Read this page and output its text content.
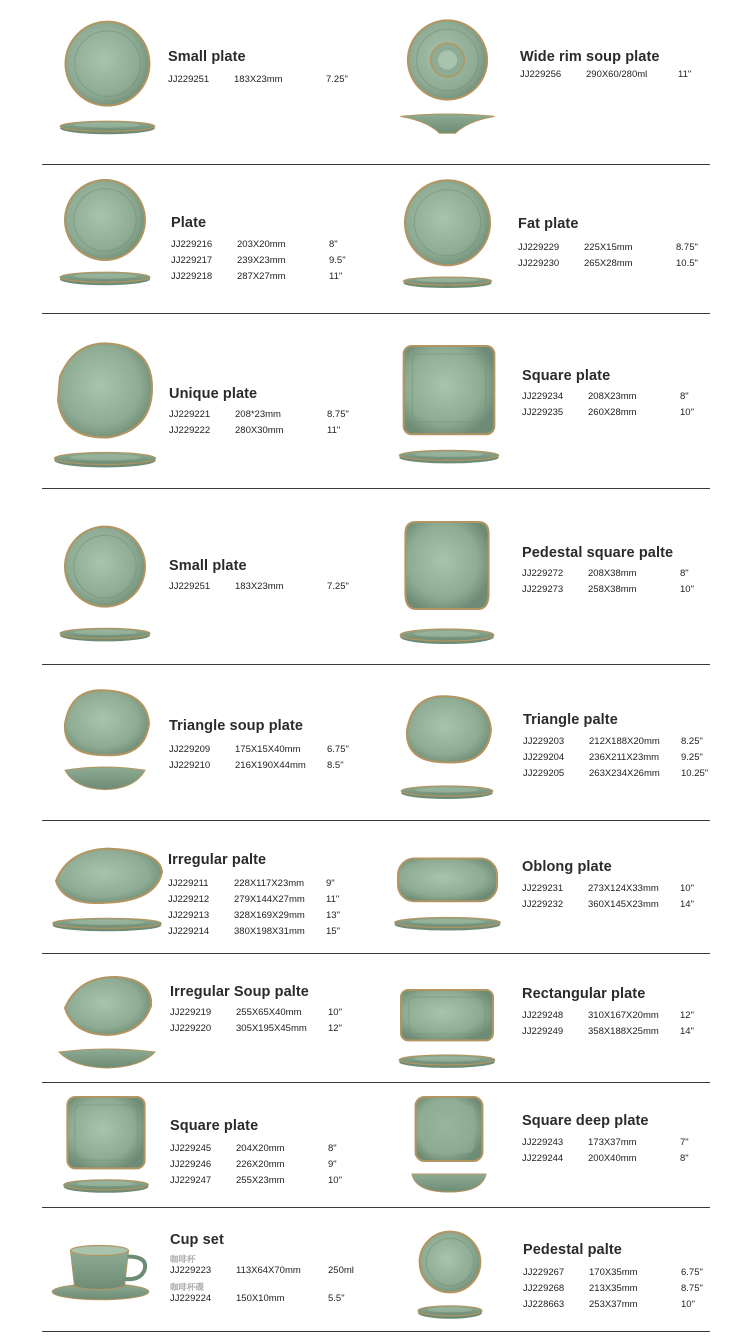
Small plate
JJ229251	183X23mm	7.25"
Wide rim soup plate
JJ229256	290X60/280ml	11"
Plate
JJ229216	203X20mm	8"
JJ229217	239X23mm	9.5"
JJ229218	287X27mm	11"
Fat plate
JJ229229	225X15mm	8.75"
JJ229230	265X28mm	10.5"
Unique plate
JJ229221	208*23mm	8.75"
JJ229222	280X30mm	11"
Square plate
JJ229234	208X23mm	8"
JJ229235	260X28mm	10"
Small plate
JJ229251	183X23mm	7.25"
Pedestal square palte
JJ229272	208X38mm	8"
JJ229273	258X38mm	10"
Triangle soup plate
JJ229209	175X15X40mm	6.75"
JJ229210	216X190X44mm 8.5"
Triangle palte
JJ229203	212X188X20mm 8.25"
JJ229204	236X211X23mm 9.25"
JJ229205	263X234X26mm 10.25"
Irregular palte
JJ229211	228X117X23mm 9"
JJ229212	279X144X27mm 11"
JJ229213	328X169X29mm 13"
JJ229214	380X198X31mm 15"
Oblong plate
JJ229231	273X124X33mm 10"
JJ229232	360X145X23mm 14"
Irregular Soup palte
JJ229219	255X65X40mm	10"
JJ229220	305X195X45mm 12"
Rectangular plate
JJ229248	310X167X20mm 12"
JJ229249	358X188X25mm 14"
Square plate
JJ229245	204X20mm	8"
JJ229246	226X20mm	9"
JJ229247	255X23mm	10"
Square deep plate
JJ229243	173X37mm	7"
JJ229244	200X40mm	8"
Cup set
咖啡杯
JJ229223	113X64X70mm	250ml
咖啡杯碟
JJ229224	150X10mm	5.5"
Pedestal palte
JJ229267	170X35mm	6.75"
JJ229268	213X35mm	8.75"
JJ228663	253X37mm	10"
